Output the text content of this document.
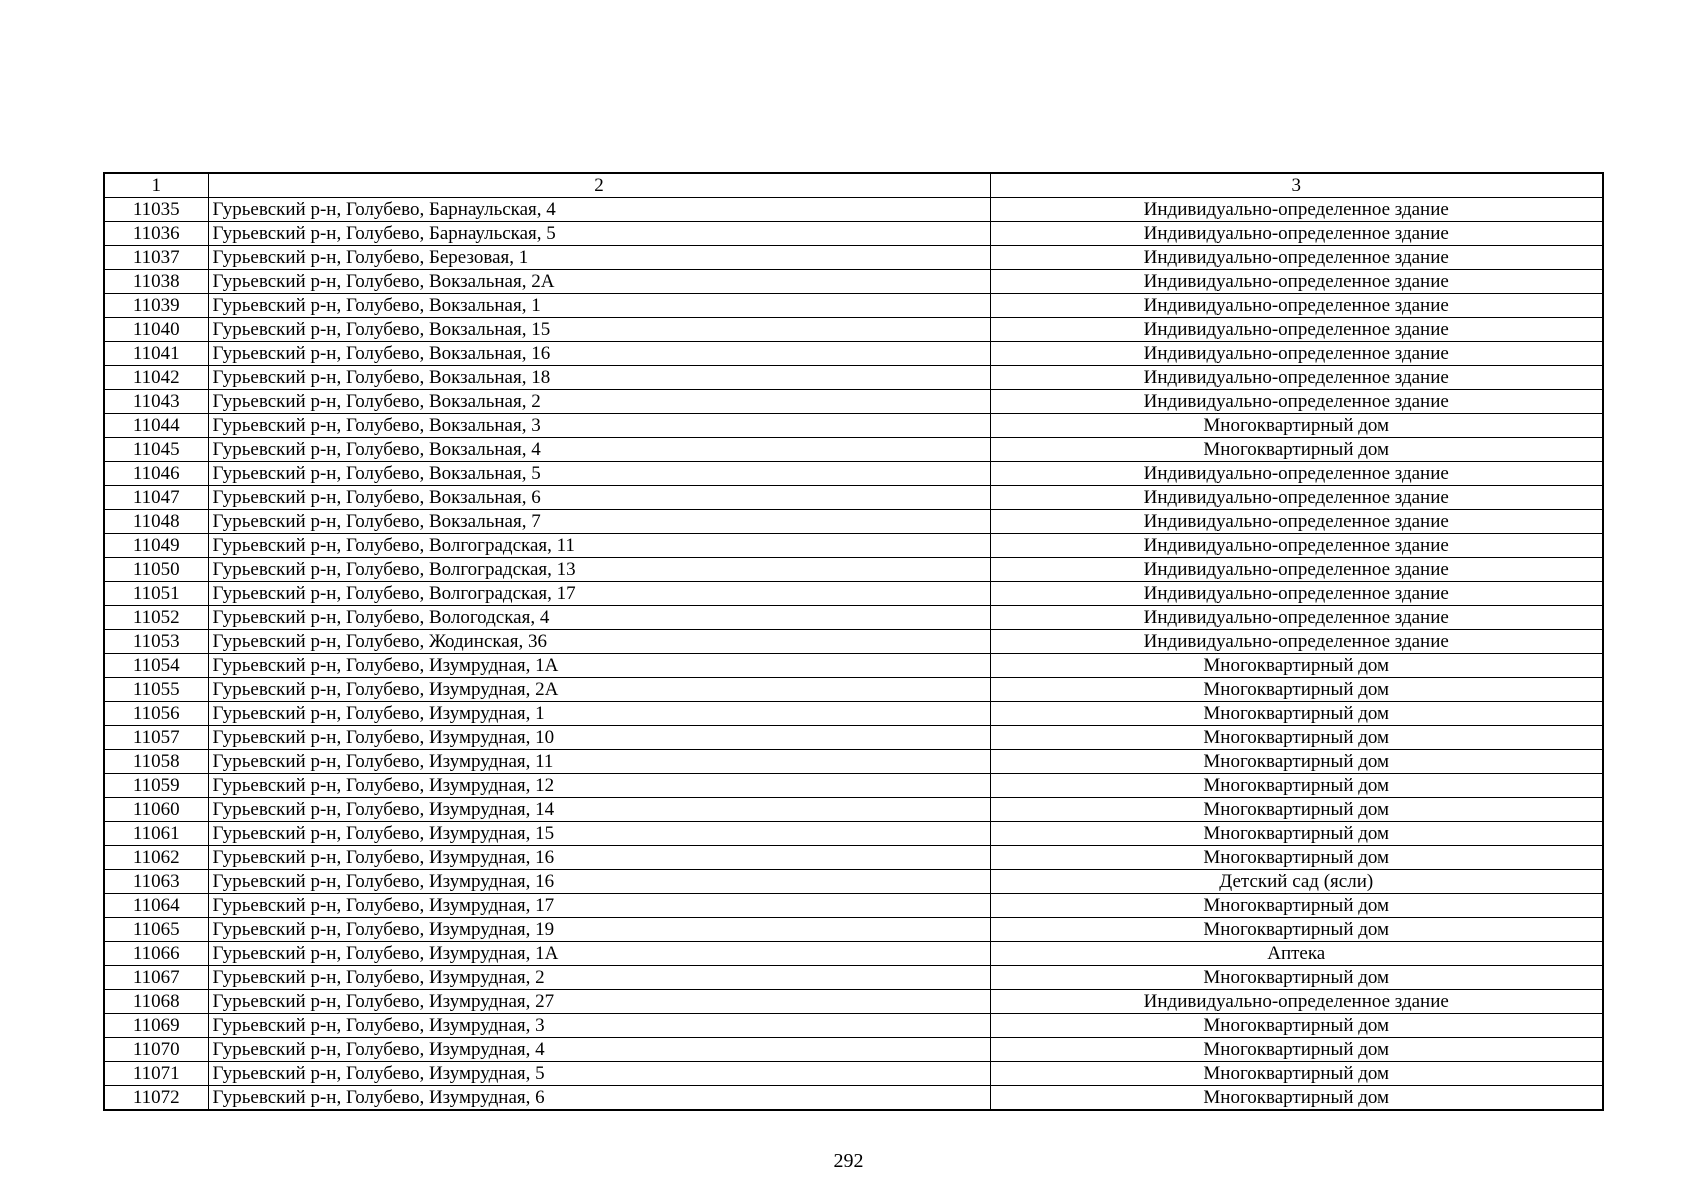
1	2	3
11035	Гурьевский р-н, Голубево, Барнаульская, 4	Индивидуально-определенное здание
11036	Гурьевский р-н, Голубево, Барнаульская, 5	Индивидуально-определенное здание
11037	Гурьевский р-н, Голубево, Березовая, 1	Индивидуально-определенное здание
11038	Гурьевский р-н, Голубево, Вокзальная, 2А	Индивидуально-определенное здание
11039	Гурьевский р-н, Голубево, Вокзальная, 1	Индивидуально-определенное здание
11040	Гурьевский р-н, Голубево, Вокзальная, 15	Индивидуально-определенное здание
11041	Гурьевский р-н, Голубево, Вокзальная, 16	Индивидуально-определенное здание
11042	Гурьевский р-н, Голубево, Вокзальная, 18	Индивидуально-определенное здание
11043	Гурьевский р-н, Голубево, Вокзальная, 2	Индивидуально-определенное здание
11044	Гурьевский р-н, Голубево, Вокзальная, 3	Многоквартирный дом
11045	Гурьевский р-н, Голубево, Вокзальная, 4	Многоквартирный дом
11046	Гурьевский р-н, Голубево, Вокзальная, 5	Индивидуально-определенное здание
11047	Гурьевский р-н, Голубево, Вокзальная, 6	Индивидуально-определенное здание
11048	Гурьевский р-н, Голубево, Вокзальная, 7	Индивидуально-определенное здание
11049	Гурьевский р-н, Голубево, Волгоградская, 11	Индивидуально-определенное здание
11050	Гурьевский р-н, Голубево, Волгоградская, 13	Индивидуально-определенное здание
11051	Гурьевский р-н, Голубево, Волгоградская, 17	Индивидуально-определенное здание
11052	Гурьевский р-н, Голубево, Вологодская, 4	Индивидуально-определенное здание
11053	Гурьевский р-н, Голубево, Жодинская, 36	Индивидуально-определенное здание
11054	Гурьевский р-н, Голубево, Изумрудная, 1А	Многоквартирный дом
11055	Гурьевский р-н, Голубево, Изумрудная, 2А	Многоквартирный дом
11056	Гурьевский р-н, Голубево, Изумрудная, 1	Многоквартирный дом
11057	Гурьевский р-н, Голубево, Изумрудная, 10	Многоквартирный дом
11058	Гурьевский р-н, Голубево, Изумрудная, 11	Многоквартирный дом
11059	Гурьевский р-н, Голубево, Изумрудная, 12	Многоквартирный дом
11060	Гурьевский р-н, Голубево, Изумрудная, 14	Многоквартирный дом
11061	Гурьевский р-н, Голубево, Изумрудная, 15	Многоквартирный дом
11062	Гурьевский р-н, Голубево, Изумрудная, 16	Многоквартирный дом
11063	Гурьевский р-н, Голубево, Изумрудная, 16	Детский сад (ясли)
11064	Гурьевский р-н, Голубево, Изумрудная, 17	Многоквартирный дом
11065	Гурьевский р-н, Голубево, Изумрудная, 19	Многоквартирный дом
11066	Гурьевский р-н, Голубево, Изумрудная, 1А	Аптека
11067	Гурьевский р-н, Голубево, Изумрудная, 2	Многоквартирный дом
11068	Гурьевский р-н, Голубево, Изумрудная, 27	Индивидуально-определенное здание
11069	Гурьевский р-н, Голубево, Изумрудная, 3	Многоквартирный дом
11070	Гурьевский р-н, Голубево, Изумрудная, 4	Многоквартирный дом
11071	Гурьевский р-н, Голубево, Изумрудная, 5	Многоквартирный дом
11072	Гурьевский р-н, Голубево, Изумрудная, 6	Многоквартирный дом
292
